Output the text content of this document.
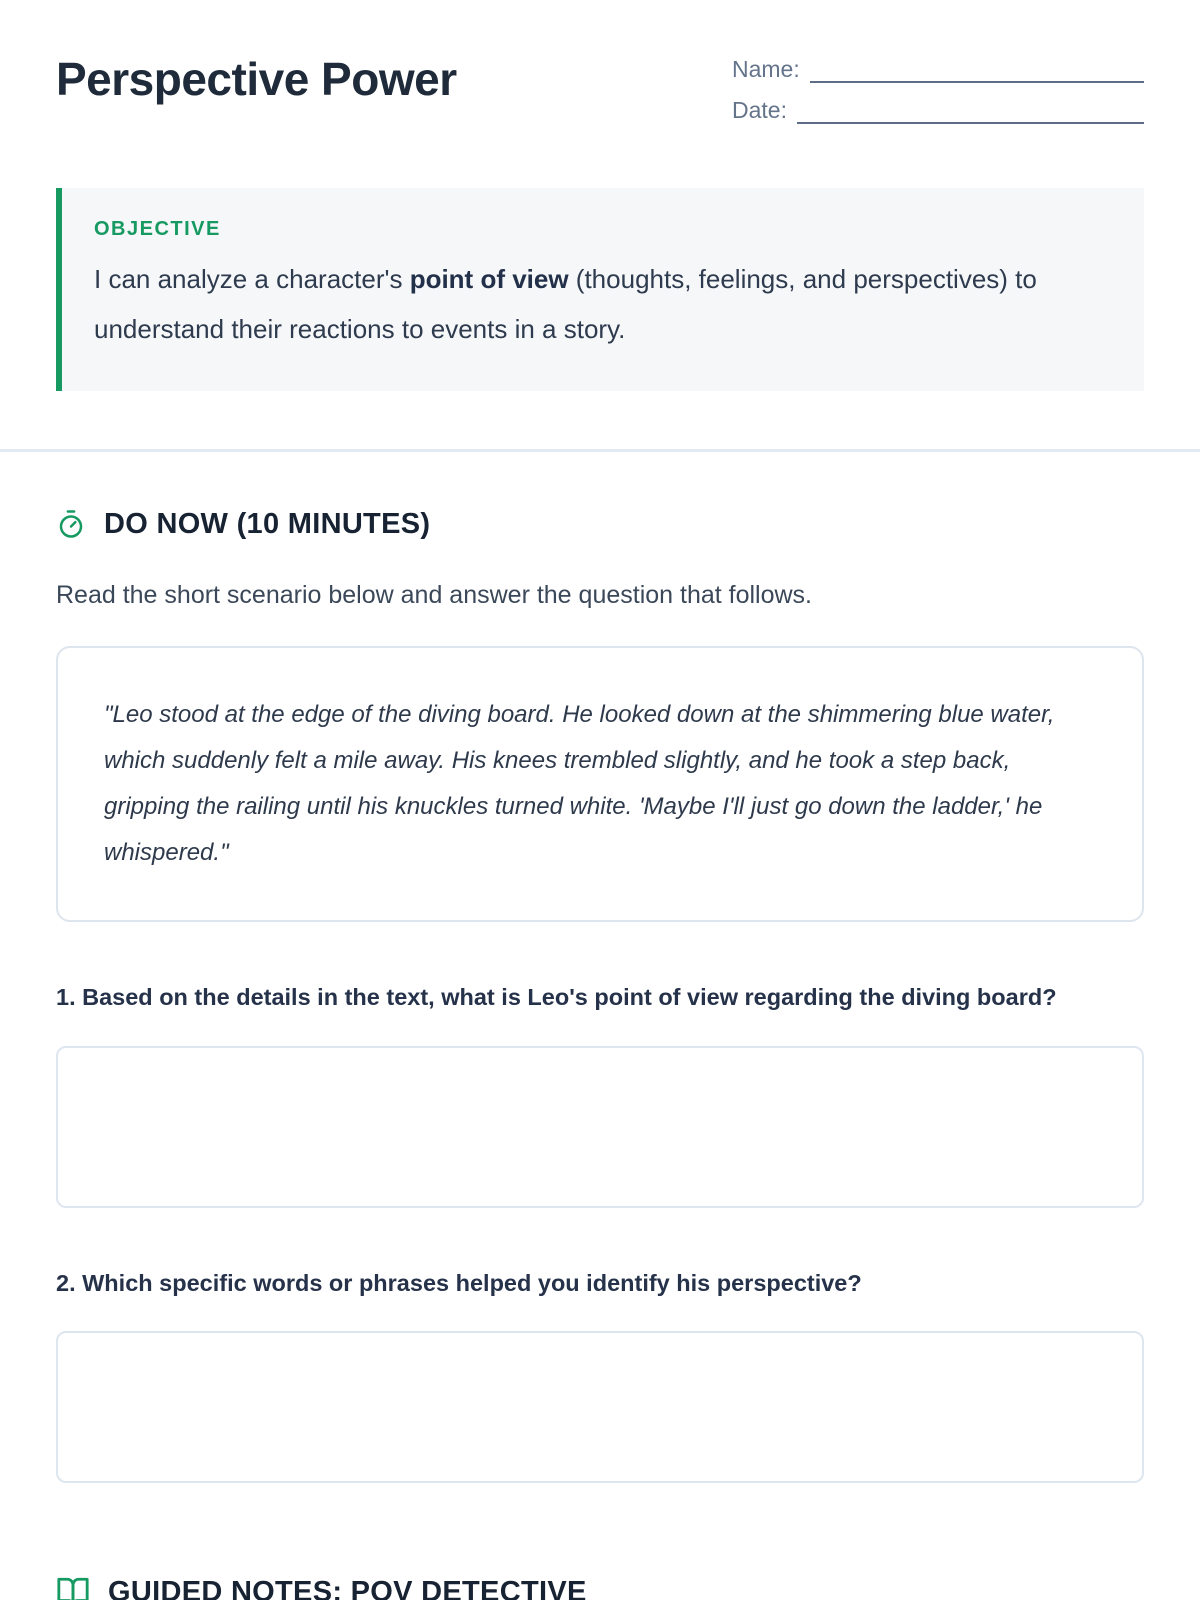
Perspective Power	Name:
Date:
OBJECTIVE
I can analyze a character's point of view (thoughts, feelings, and perspectives) to understand their reactions to events in a story.
DO NOW (10 MINUTES)

Read the short scenario below and answer the question that follows.

"Leo stood at the edge of the diving board. He looked down at the shimmering blue water, which suddenly felt a mile away. His knees trembled slightly, and he took a step back, gripping the railing until his knuckles turned white. 'Maybe I'll just go down the ladder,' he whispered."

1. Based on the details in the text, what is Leo's point of view regarding the diving board?

2. Which specific words or phrases helped you identify his perspective?

GUIDED NOTES: POV DETECTIVE
